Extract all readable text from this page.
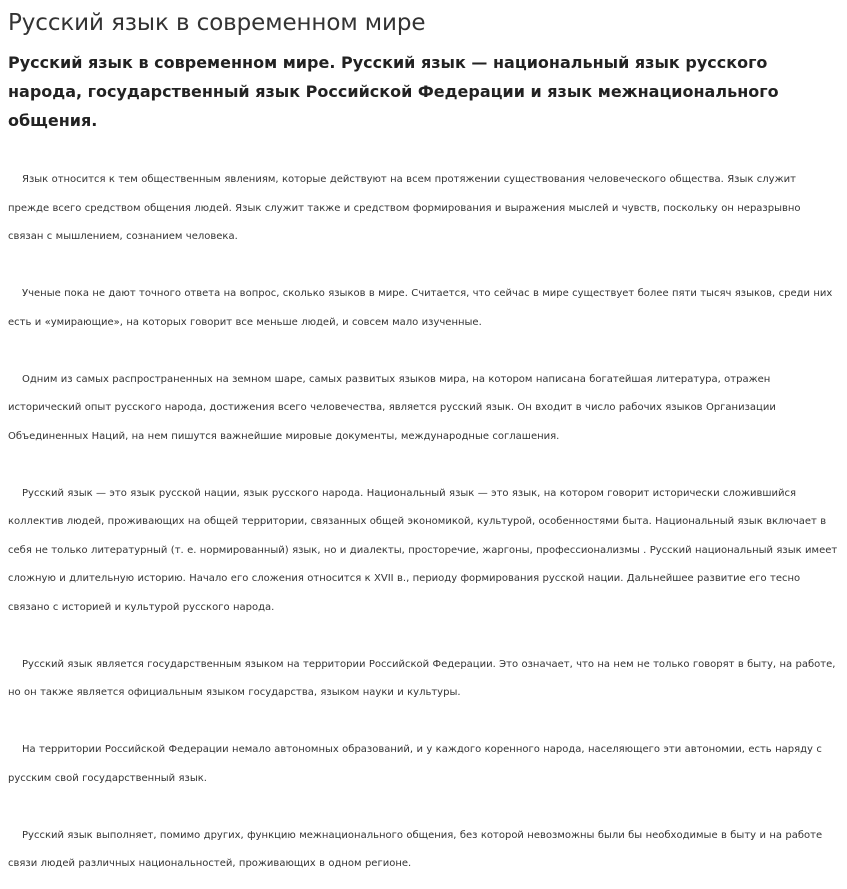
Русский язык в современном мире
Русский язык в современном мире. Русский язык — национальный язык русского народа, государственный язык Российской Федерации и язык межнационального общения.

Язык относится к тем общественным явлениям, которые действуют на всем протяжении существования человеческого общества. Язык служит прежде всего средством общения людей. Язык служит также и средством формирования и выражения мыслей и чувств, поскольку он неразрывно связан с мышлением, сознанием человека.

Ученые пока не дают точного ответа на вопрос, сколько языков в мире. Считается, что сейчас в мире существует более пяти тысяч языков, среди них есть и «умирающие», на которых говорит все меньше людей, и совсем мало изученные.

Одним из самых распространенных на земном шаре, самых развитых языков мира, на котором написана богатейшая литература, отражен исторический опыт русского народа, достижения всего человечества, является русский язык. Он входит в число рабочих языков Организации Объединенных Наций, на нем пишутся важнейшие мировые документы, международные соглашения.

Русский язык — это язык русской нации, язык русского народа. Национальный язык — это язык, на котором говорит исторически сложившийся коллектив людей, проживающих на общей территории, связанных общей экономикой, культурой, особенностями быта. Национальный язык включает в себя не только литературный (т. е. нормированный) язык, но и диалекты, просторечие, жаргоны, профессионализмы . Русский национальный язык имеет сложную и длительную историю. Начало его сложения относится к XVII в., периоду формирования русской нации. Дальнейшее развитие его тесно связано с историей и культурой русского народа.

Русский язык является государственным языком на территории Российской Федерации. Это означает, что на нем не только говорят в быту, на работе, но он также является официальным языком государства, языком науки и культуры.

На территории Российской Федерации немало автономных образований, и у каждого коренного народа, населяющего эти автономии, есть наряду с русским свой государственный язык.

Русский язык выполняет, помимо других, функцию межнационального общения, без которой невозможны были бы необходимые в быту и на работе связи людей различных национальностей, проживающих в одном регионе.
